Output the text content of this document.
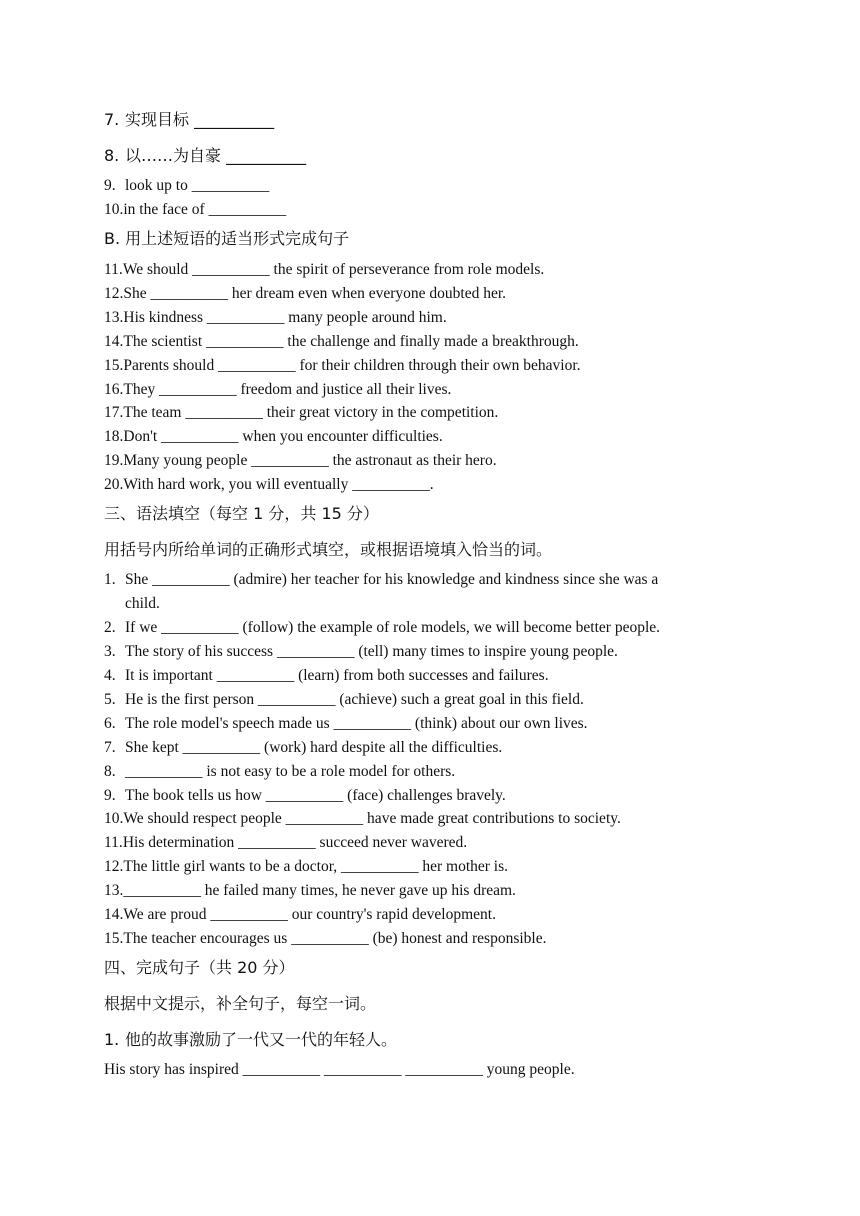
7. 实现目标 __________
8. 以……为自豪 __________
9. look up to __________
10.in the face of __________
B. 用上述短语的适当形式完成句子
11.We should __________ the spirit of perseverance from role models.
12.She __________ her dream even when everyone doubted her.
13.His kindness __________ many people around him.
14.The scientist __________ the challenge and finally made a breakthrough.
15.Parents should __________ for their children through their own behavior.
16.They __________ freedom and justice all their lives.
17.The team __________ their great victory in the competition.
18.Don't __________ when you encounter difficulties.
19.Many young people __________ the astronaut as their hero.
20.With hard work, you will eventually __________.
三、语法填空（每空 1 分，共 15 分）
用括号内所给单词的正确形式填空，或根据语境填入恰当的词。
1. She __________ (admire) her teacher for his knowledge and kindness since she was a
child.
2. If we __________ (follow) the example of role models, we will become better people.
3. The story of his success __________ (tell) many times to inspire young people.
4. It is important __________ (learn) from both successes and failures.
5. He is the first person __________ (achieve) such a great goal in this field.
6. The role model's speech made us __________ (think) about our own lives.
7. She kept __________ (work) hard despite all the difficulties.
8. __________ is not easy to be a role model for others.
9. The book tells us how __________ (face) challenges bravely.
10.We should respect people __________ have made great contributions to society.
11.His determination __________ succeed never wavered.
12.The little girl wants to be a doctor, __________ her mother is.
13.__________ he failed many times, he never gave up his dream.
14.We are proud __________ our country's rapid development.
15.The teacher encourages us __________ (be) honest and responsible.
四、完成句子（共 20 分）
根据中文提示，补全句子，每空一词。
1. 他的故事激励了一代又一代的年轻人。
His story has inspired __________ __________ __________ young people.
